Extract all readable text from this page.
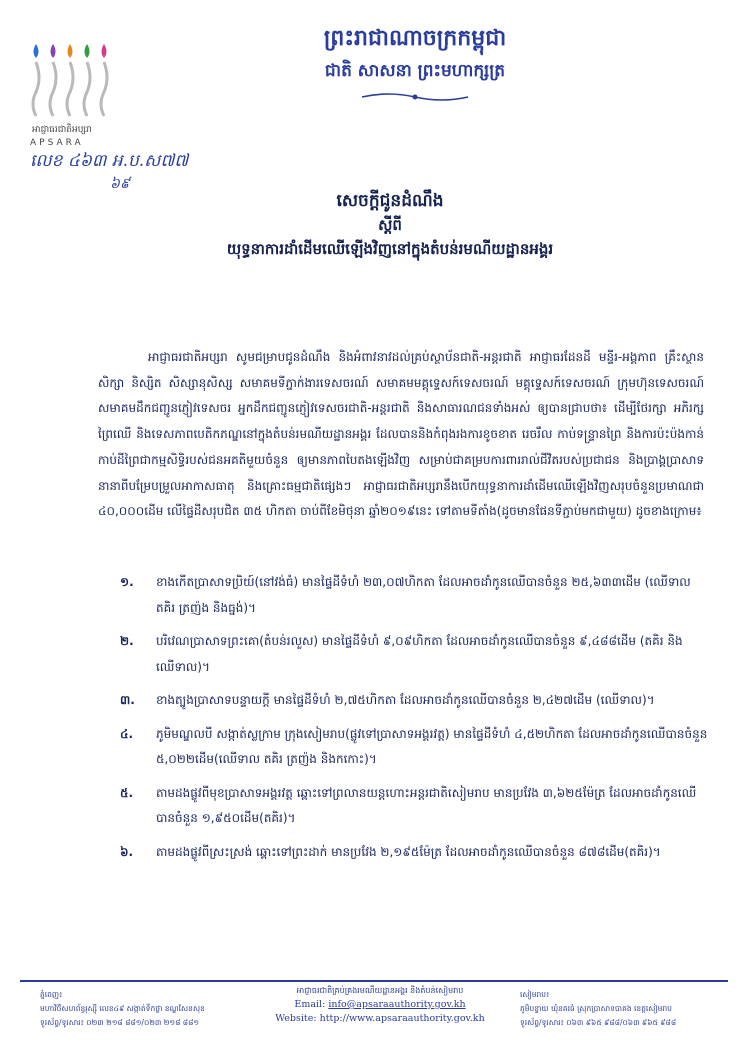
អាជ្ញាធរជាតិអប្សរា
APSARA
លេខ ៤៦៣ អ.ប.ស៧៧
៦៩
ព្រះរាជាណាចក្រកម្ពុជា
ជាតិ សាសនា ព្រះមហាក្សត្រ
សេចក្តីជូនដំណឹង
ស្តីពី
យុទ្ធនាការដាំដើមឈើឡើងវិញនៅក្នុងតំបន់រមណីយដ្ឋានអង្គរ

អាជ្ញាធរជាតិអប្សរា សូមជម្រាបជូនដំណឹង និងអំពាវនាវដល់គ្រប់ស្ថាប័នជាតិ-អន្តរជាតិ អាជ្ញាធរដែនដី មន្ទីរ-អង្គភាព គ្រឹះស្ថានសិក្សា និស្សិត សិស្សានុសិស្ស សមាគមទីភ្នាក់ងារទេសចរណ៍ សមាគមមគ្គុទ្ទេសក៍ទេសចរណ៍ មគ្គុទ្ទេសក៍ទេសចរណ៍ ក្រុមហ៊ុនទេសចរណ៍ សមាគមដឹកជញ្ជូនភ្ញៀវទេសចរ អ្នកដឹកជញ្ជូនភ្ញៀវទេសចរជាតិ-អន្តរជាតិ និងសាធារណជនទាំងអស់ ឲ្យបានជ្រាបថា៖ ដើម្បីថែរក្សា អភិរក្សព្រៃឈើ និងទេសភាពបេតិកភណ្ឌនៅក្នុងតំបន់រមណីយដ្ឋានអង្គរ ដែលបាននិងកំពុងរងការខូចខាត រេចរឹល កាប់ទន្ទ្រានព្រៃ និងការប៉ះប៉ងកាន់កាប់ដីព្រៃជាកម្មសិទ្ធិរបស់ជនអគតិមួយចំនួន ឲ្យមានភាពបៃតងឡើងវិញ សម្រាប់ជាគម្របការពាររាល់ជីវិតរបស់ប្រជាជន និងប្រាង្គប្រាសាទនានាពីបម្រែបម្រួលអាកាសធាតុ និងគ្រោះធម្មជាតិផ្សេងៗ អាជ្ញាធរជាតិអប្សរានឹងបើកយុទ្ធនាការដាំដើមឈើឡើងវិញសរុបចំនួនប្រមាណជា ៤០,០០០ដើម លើផ្ទៃដីសរុបជិត ៣៥ ហិកតា ចាប់ពីខែមិថុនា ឆ្នាំ២០១៩នេះ ទៅតាមទីតាំង(ដូចមានផែនទីភ្ជាប់មកជាមួយ) ដូចខាងក្រោម៖

១. ខាងកើតប្រាសាទប្រិយ៍(នៅវង់ធំ) មានផ្ទៃដីទំហំ ២៣,០៧ហិកតា ដែលអាចដាំកូនឈើបានចំនួន ២៥,៦៣៣ដើម (ឈើទាល តគិរ ត្រញ៉ង និងធ្នង់)។
២. បរិវេណប្រាសាទព្រះគោ(តំបន់រលួស) មានផ្ទៃដីទំហំ ៩,០៩ហិកតា ដែលអាចដាំកូនឈើបានចំនួន ៩,៤៨៨ដើម (តគិរ និងឈើទាល)។
៣. ខាងត្បូងប្រាសាទបន្ទាយក្តី មានផ្ទៃដីទំហំ ២,៧៥ហិកតា ដែលអាចដាំកូនឈើបានចំនួន ២,៤២៧ដើម (ឈើទាល)។
៤. ភូមិមណ្ឌលបី សង្កាត់ស្លក្រាម ក្រុងសៀមរាប(ផ្លូវទៅប្រាសាទអង្គរវត្ត) មានផ្ទៃដីទំហំ ៤,៥២ហិកតា ដែលអាចដាំកូនឈើបានចំនួន ៥,០២២ដើម(ឈើទាល តគិរ ត្រញ៉ង និងកកោះ)។
៥. តាមដងផ្លូវពីមុខប្រាសាទអង្គរវត្ត ឆ្ពោះទៅព្រលានយន្តហោះអន្តរជាតិសៀមរាប មានប្រវែង ៣,៦២៥ម៉ែត្រ ដែលអាចដាំកូនឈើបានចំនួន ១,៩៥០ដើម(តគិរ)។
៦. តាមដងផ្លូវពីស្រះស្រង់ ឆ្ពោះទៅព្រះដាក់ មានប្រវែង ២,១៩៥ម៉ែត្រ ដែលអាចដាំកូនឈើបានចំនួន ៨៧៨ដើម(តគិរ)។
ភ្នំពេញ៖
មហាវិថីសហព័ន្ធរុស្ស៊ី លេខ៤៩ សង្កាត់ទឹកថ្លា ខណ្ឌសែនសុខ
ទូរស័ព្ទ/ទូរសារ៖ ០២៣ ២១៨ ៨៨១/០២៣ ២១៨ ៨៨១
អាជ្ញាធរជាតិគ្រប់គ្រងរមណីយដ្ឋានអង្គរ និងតំបន់សៀមរាប
Email: info@apsaraauthority.gov.kh
Website: http://www.apsaraauthority.gov.kh
សៀមរាប៖
ភូមិបន្ទាយ ឃុំនគរធំ ស្រុកប្រាសាទបាគង ខេត្តសៀមរាប
ទូរស័ព្ទ/ទូរសារ៖ ០៦៣ ៩៦៥ ៩៨៨/០៦៣ ៩៦៥ ៩៨៨
